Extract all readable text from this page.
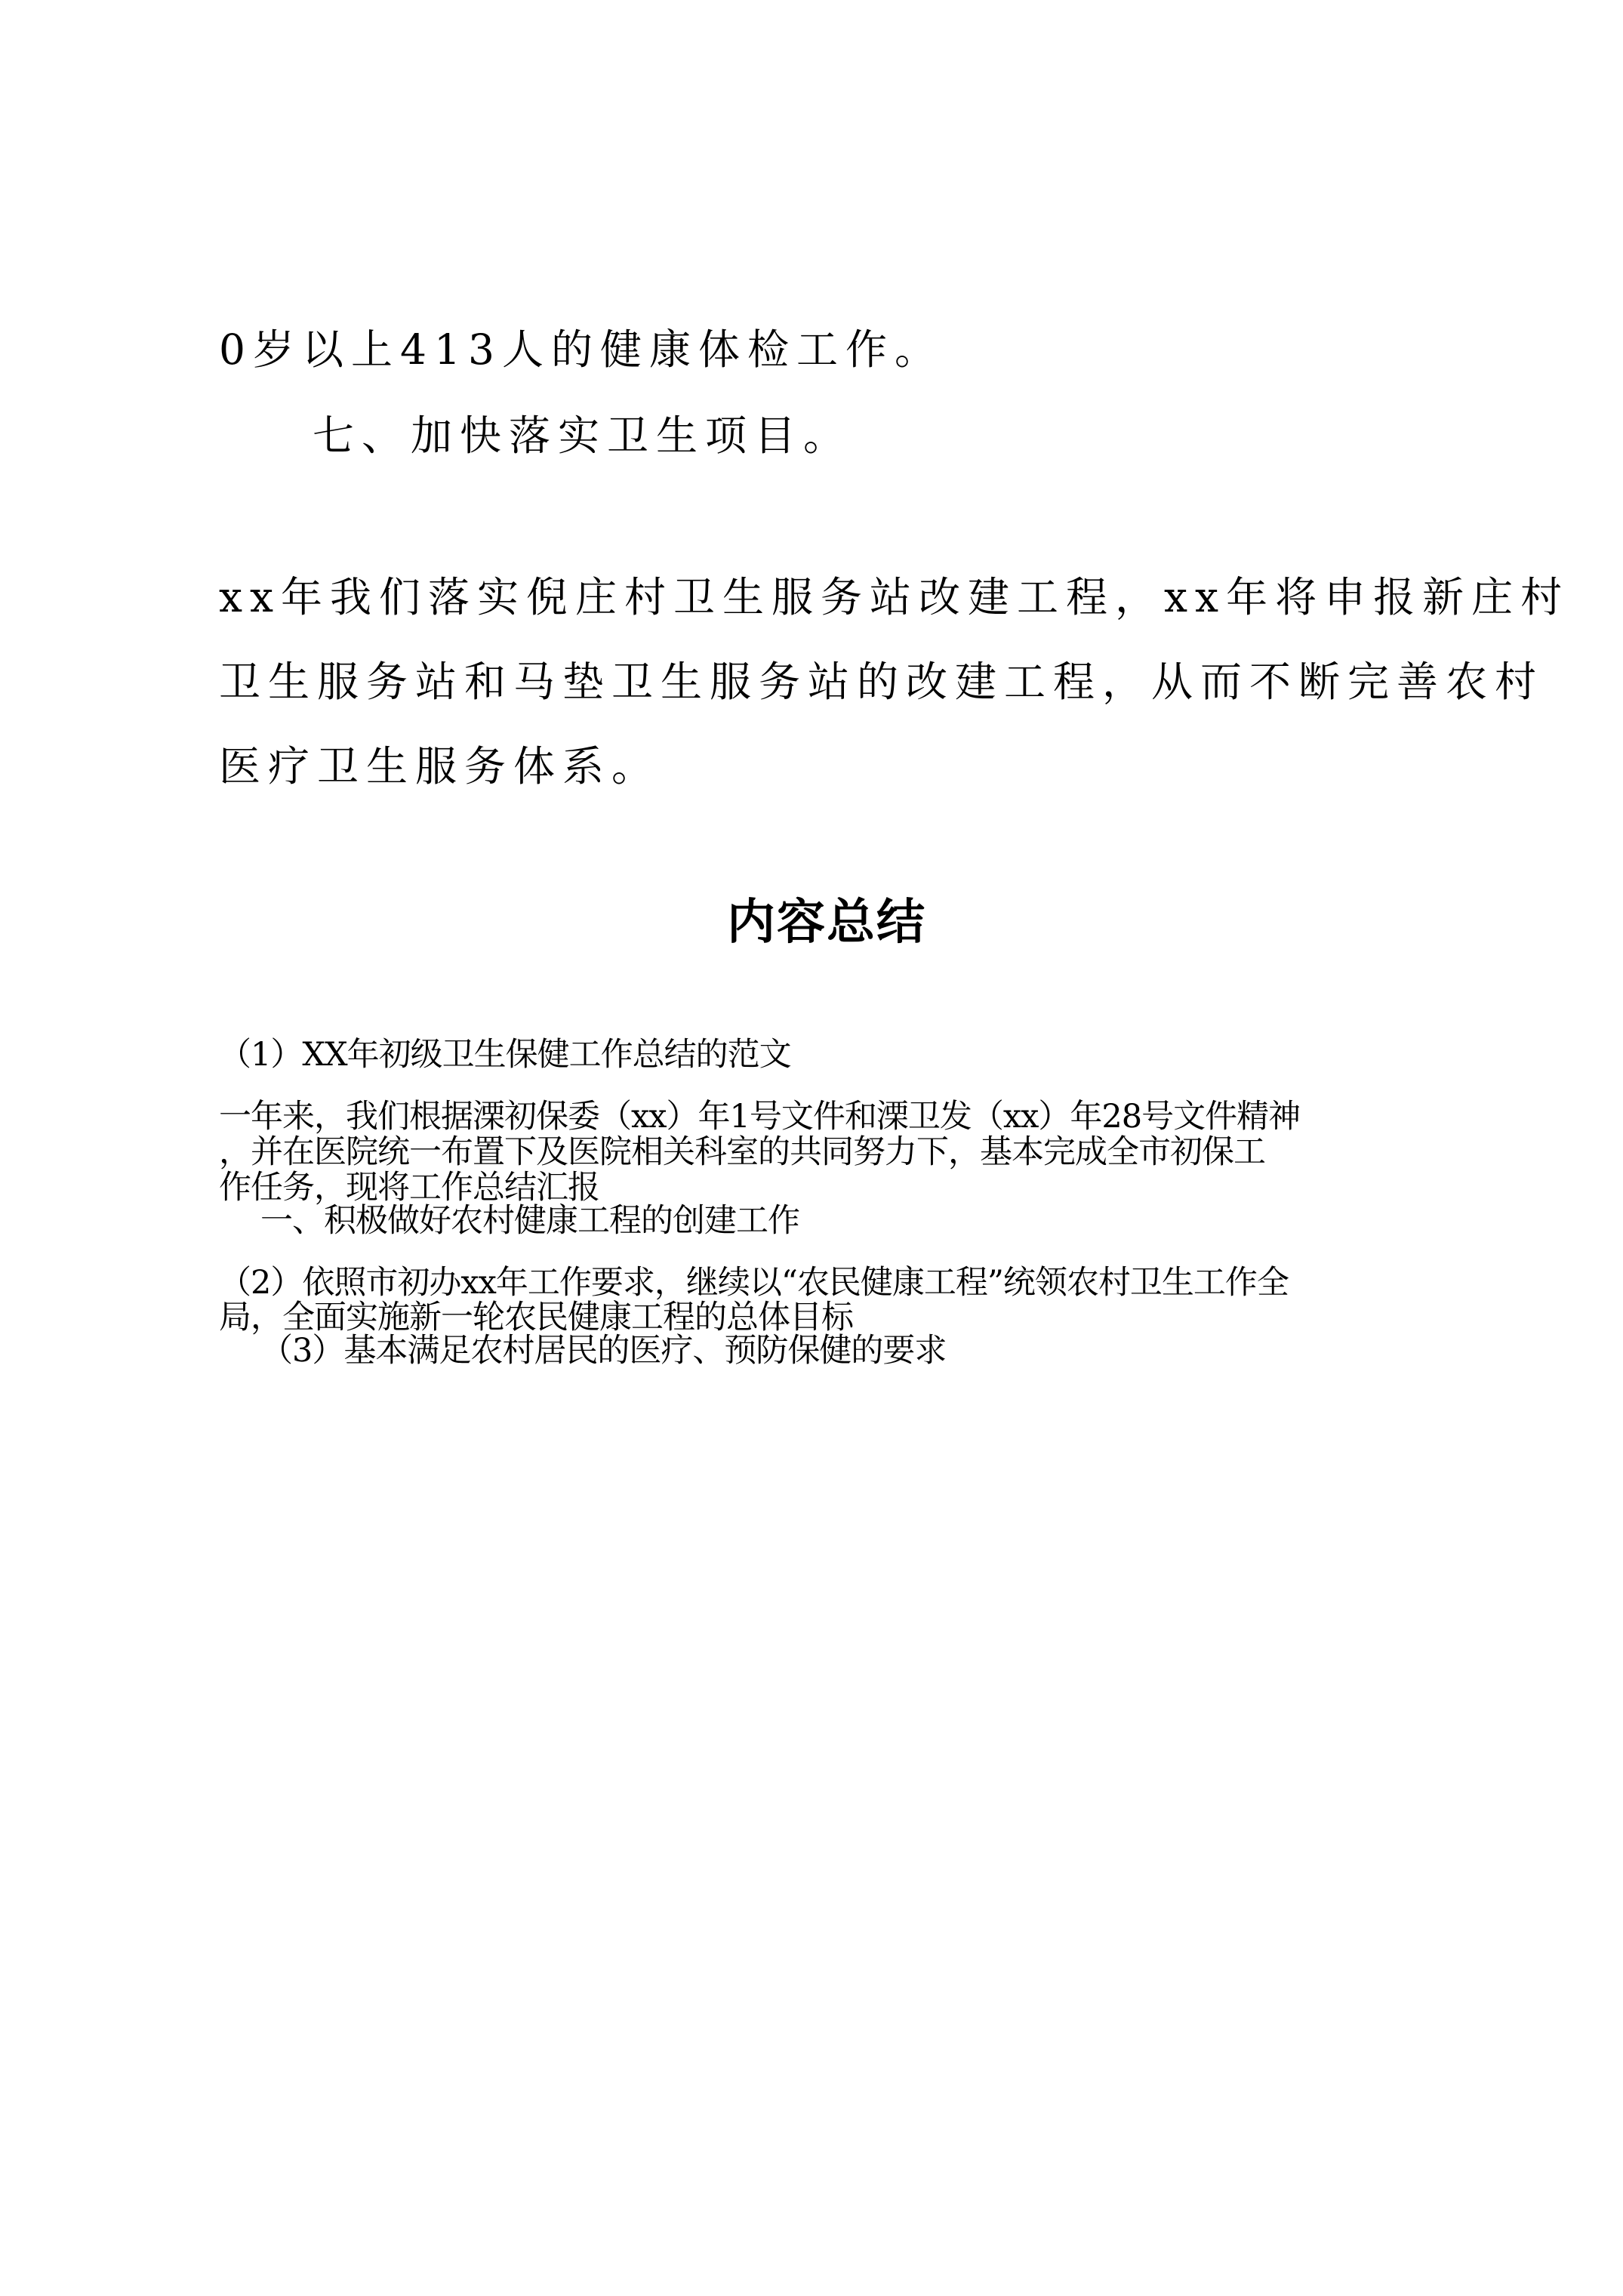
0岁以上413人的健康体检工作。

七、加快落实卫生项目。

xx年我们落实倪庄村卫生服务站改建工程，xx年将申报新庄村

卫生服务站和马垫卫生服务站的改建工程，从而不断完善农村

医疗卫生服务体系。

内容总结

（1）XX年初级卫生保健工作总结的范文

一年来，我们根据溧初保委（xx）年1号文件和溧卫发（xx）年28号文件精神

，并在医院统一布置下及医院相关科室的共同努力下，基本完成全市初保工

作任务，现将工作总结汇报

一、积极做好农村健康工程的创建工作

（2）依照市初办xx年工作要求，继续以“农民健康工程”统领农村卫生工作全

局，全面实施新一轮农民健康工程的总体目标

（3）基本满足农村居民的医疗、预防保健的要求
